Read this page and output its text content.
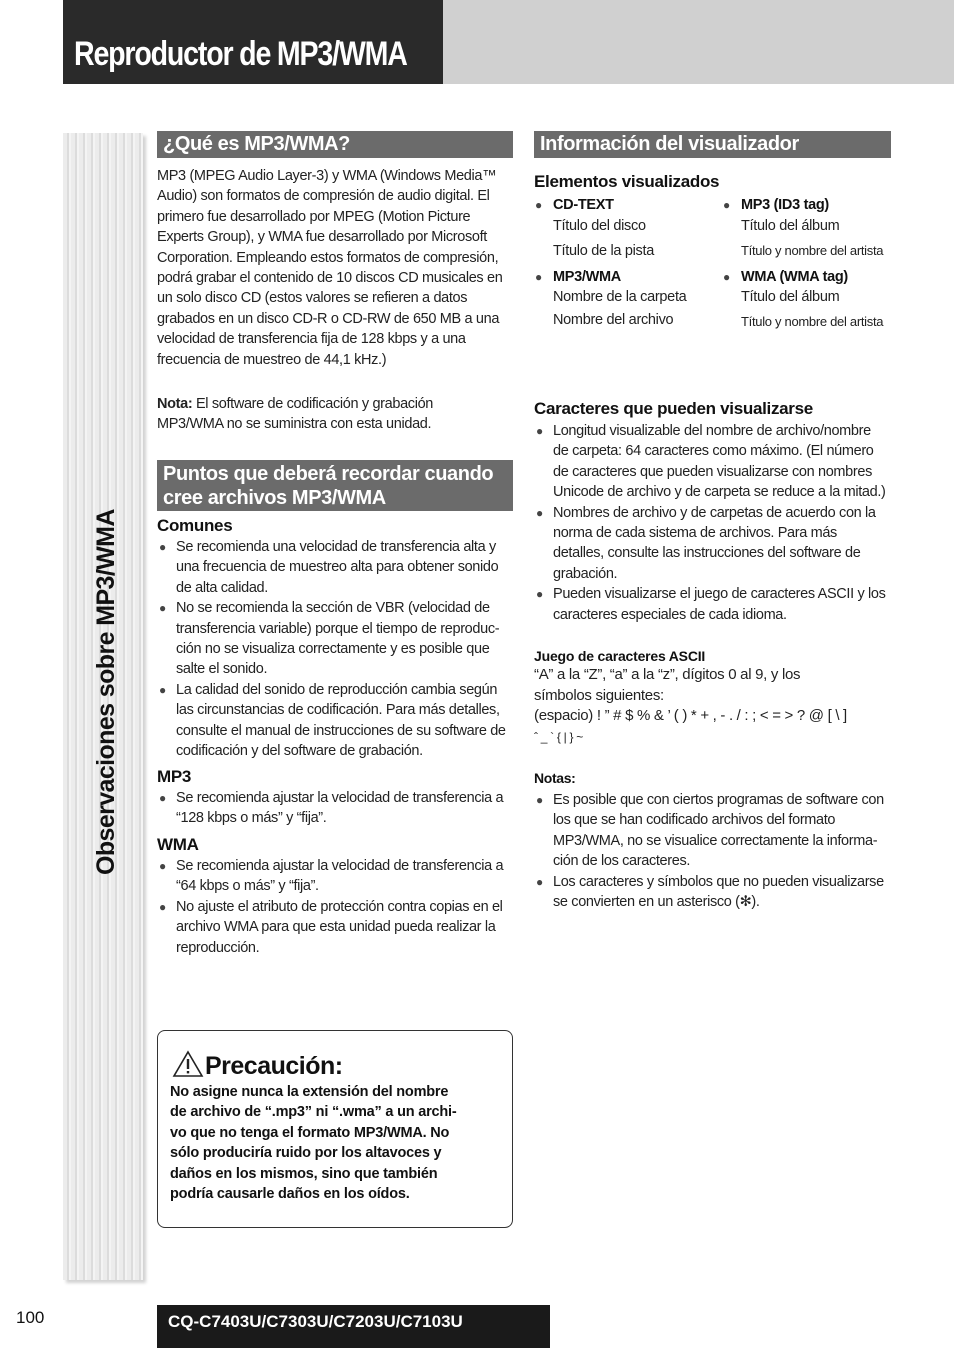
Reproductor de MP3/WMA
Observaciones sobre MP3/WMA
¿Qué es MP3/WMA?
MP3 (MPEG Audio Layer-3) y WMA (Windows Media™
Audio) son formatos de compresión de audio digital. El
primero fue desarrollado por MPEG (Motion Picture
Experts Group), y WMA fue desarrollado por Microsoft
Corporation. Empleando estos formatos de compresión,
podrá grabar el contenido de 10 discos CD musicales en
un solo disco CD (estos valores se refieren a datos
grabados en un disco CD-R o CD-RW de 650 MB a una
velocidad de transferencia fija de 128 kbps y a una
frecuencia de muestreo de 44,1 kHz.)
Nota: El software de codificación y grabación
MP3/WMA no se suministra con esta unidad.
Puntos que deberá recordar cuando
cree archivos MP3/WMA
Comunes
● Se recomienda una velocidad de transferencia alta y
una frecuencia de muestreo alta para obtener sonido
de alta calidad.
● No se recomienda la sección de VBR (velocidad de
transferencia variable) porque el tiempo de reproduc-
ción no se visualiza correctamente y es posible que
salte el sonido.
● La calidad del sonido de reproducción cambia según
las circunstancias de codificación. Para más detalles,
consulte el manual de instrucciones de su software de
codificación y del software de grabación.
MP3
● Se recomienda ajustar la velocidad de transferencia a
“128 kbps o más” y “fija”.
WMA
● Se recomienda ajustar la velocidad de transferencia a
“64 kbps o más” y “fija”.
● No ajuste el atributo de protección contra copias en el
archivo WMA para que esta unidad pueda realizar la
reproducción.
Precaución:
No asigne nunca la extensión del nombre
de archivo de “.mp3” ni “.wma” a un archi-
vo que no tenga el formato MP3/WMA. No
sólo produciría ruido por los altavoces y
daños en los mismos, sino que también
podría causarle daños en los oídos.
Información del visualizador
Elementos visualizados
● CD-TEXT
Título del disco
Título de la pista
● MP3/WMA
Nombre de la carpeta
Nombre del archivo
● MP3 (ID3 tag)
Título del álbum
Título y nombre del artista
● WMA (WMA tag)
Título del álbum
Título y nombre del artista
Caracteres que pueden visualizarse
● Longitud visualizable del nombre de archivo/nombre
de carpeta: 64 caracteres como máximo. (El número
de caracteres que pueden visualizarse con nombres
Unicode de archivo y de carpeta se reduce a la mitad.)
● Nombres de archivo y de carpetas de acuerdo con la
norma de cada sistema de archivos. Para más
detalles, consulte las instrucciones del software de
grabación.
● Pueden visualizarse el juego de caracteres ASCII y los
caracteres especiales de cada idioma.
Juego de caracteres ASCII
“A” a la “Z”, “a” a la “z”, dígitos 0 al 9, y los
símbolos siguientes:
(espacio) ! ” # $ % & ’ ( ) * + , - . / : ; < = > ? @ [ \ ]
ˆ _ ` { | } ~
Notas:
● Es posible que con ciertos programas de software con
los que se han codificado archivos del formato
MP3/WMA, no se visualice correctamente la informa-
ción de los caracteres.
● Los caracteres y símbolos que no pueden visualizarse
se convierten en un asterisco (✻).
100	CQ-C7403U/C7303U/C7203U/C7103U
